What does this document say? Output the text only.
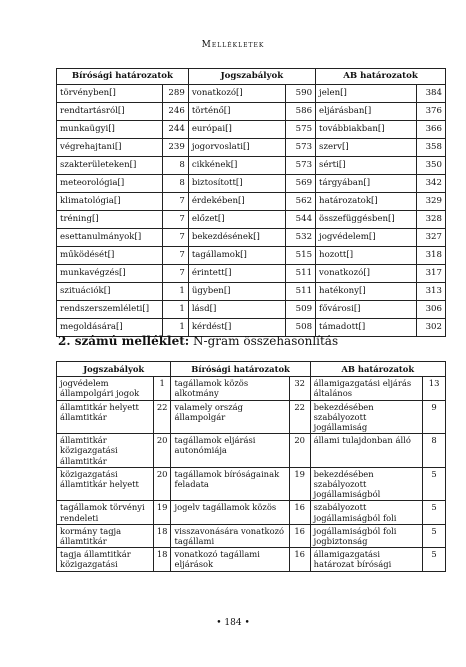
Mellékletek
Bírósági határozatok		Jogszabályok		AB határozatok	
törvényben[]	289	vonatkozó[]	590	jelen[]	384
rendtartásról[]	246	történő[]	586	eljárásban[]	376
munkaügyi[]	244	európai[]	575	továbbiakban[]	366
végrehajtani[]	239	jogorvoslati[]	573	szerv[]	358
szakterületeken[]	8	cikkének[]	573	sérti[]	350
meteorológia[]	8	biztosított[]	569	tárgyában[]	342
klimatológia[]	7	érdekében[]	562	határozatok[]	329
tréning[]	7	előzet[]	544	összefüggésben[]	328
esettanulmányok[]	7	bekezdésének[]	532	jogvédelem[]	327
működését[]	7	tagállamok[]	515	hozott[]	318
munkavégzés[]	7	érintett[]	511	vonatkozó[]	317
szituációk[]	1	ügyben[]	511	hatékony[]	313
rendszerszemléleti[]	1	lásd[]	509	fővárosi[]	306
megoldására[]	1	kérdést[]	508	támadott[]	302
2. számú melléklet: N-gram összehasonlítás
Jogszabályok		Bírósági határozatok		AB határozatok	
jogvédelem állampolgári jogok	1	tagállamok közös alkotmány	32	államigazgatási eljárás általános	13
államtitkár helyett államtitkár	22	valamely ország állampolgár	22	bekezdésében szabályozott jogállamiság	9
államtitkár közigazgatási államtitkár	20	tagállamok eljárási autonómiája	20	állami tulajdonban álló	8
közigazgatási államtitkár helyett	20	tagállamok bíróságainak feladata	19	bekezdésében szabályozott jogállamiságból	5
tagállamok törvényi rendeleti	19	jogelv tagállamok közös	16	szabályozott jogállamiságból foli	5
kormány tagja államtitkár	18	visszavonására vonatkozó tagállami	16	jogállamiságból foli jogbiztonság	5
tagja államtitkár közigazgatási	18	vonatkozó tagállami eljárások	16	államigazgatási határozat bírósági	5
• 184 •
